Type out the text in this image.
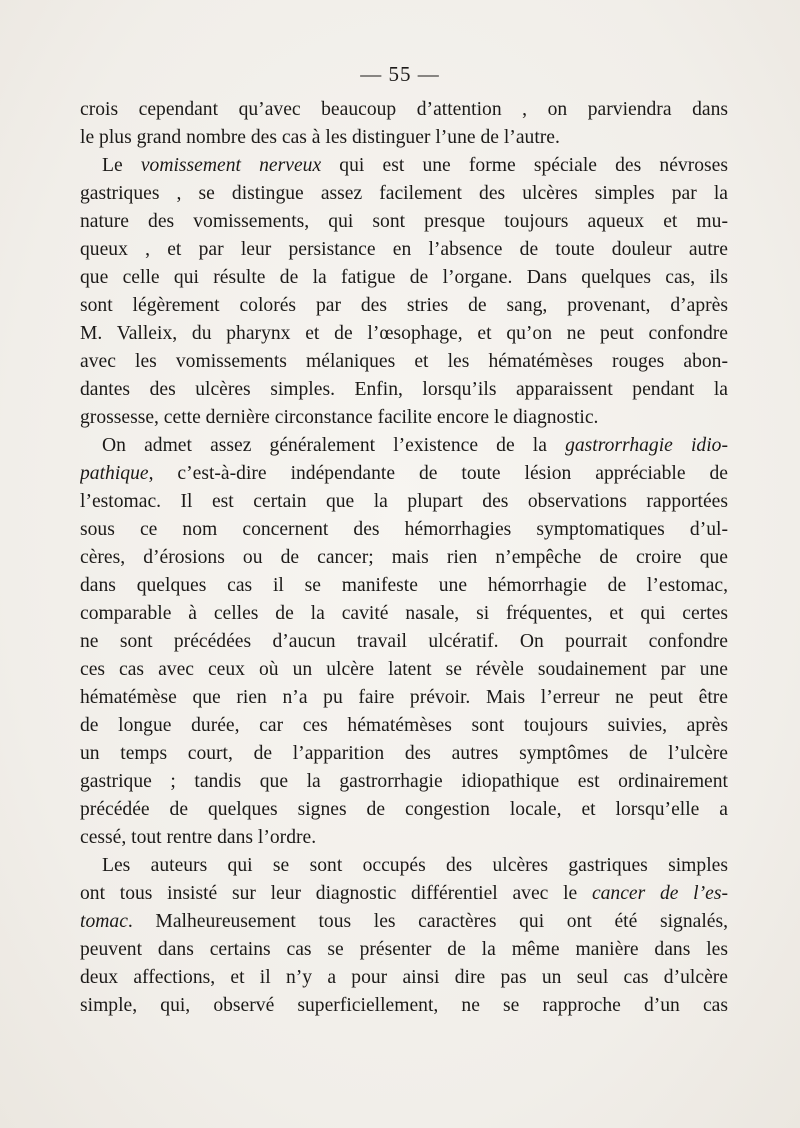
— 55 —
crois cependant qu’avec beaucoup d’attention , on parviendra dans
le plus grand nombre des cas à les distinguer l’une de l’autre.
Le vomissement nerveux qui est une forme spéciale des névroses
gastriques , se distingue assez facilement des ulcères simples par la
nature des vomissements, qui sont presque toujours aqueux et mu-
queux , et par leur persistance en l’absence de toute douleur autre
que celle qui résulte de la fatigue de l’organe. Dans quelques cas, ils
sont légèrement colorés par des stries de sang, provenant, d’après
M. Valleix, du pharynx et de l’œsophage, et qu’on ne peut confondre
avec les vomissements mélaniques et les hématémèses rouges abon-
dantes des ulcères simples. Enfin, lorsqu’ils apparaissent pendant la
grossesse, cette dernière circonstance facilite encore le diagnostic.
On admet assez généralement l’existence de la gastrorrhagie idio-
pathique, c’est-à-dire indépendante de toute lésion appréciable de
l’estomac. Il est certain que la plupart des observations rapportées
sous ce nom concernent des hémorrhagies symptomatiques d’ul-
cères, d’érosions ou de cancer; mais rien n’empêche de croire que
dans quelques cas il se manifeste une hémorrhagie de l’estomac,
comparable à celles de la cavité nasale, si fréquentes, et qui certes
ne sont précédées d’aucun travail ulcératif. On pourrait confondre
ces cas avec ceux où un ulcère latent se révèle soudainement par une
hématémèse que rien n’a pu faire prévoir. Mais l’erreur ne peut être
de longue durée, car ces hématémèses sont toujours suivies, après
un temps court, de l’apparition des autres symptômes de l’ulcère
gastrique ; tandis que la gastrorrhagie idiopathique est ordinairement
précédée de quelques signes de congestion locale, et lorsqu’elle a
cessé, tout rentre dans l’ordre.
Les auteurs qui se sont occupés des ulcères gastriques simples
ont tous insisté sur leur diagnostic différentiel avec le cancer de l’es-
tomac. Malheureusement tous les caractères qui ont été signalés,
peuvent dans certains cas se présenter de la même manière dans les
deux affections, et il n’y a pour ainsi dire pas un seul cas d’ulcère
simple, qui, observé superficiellement, ne se rapproche d’un cas
